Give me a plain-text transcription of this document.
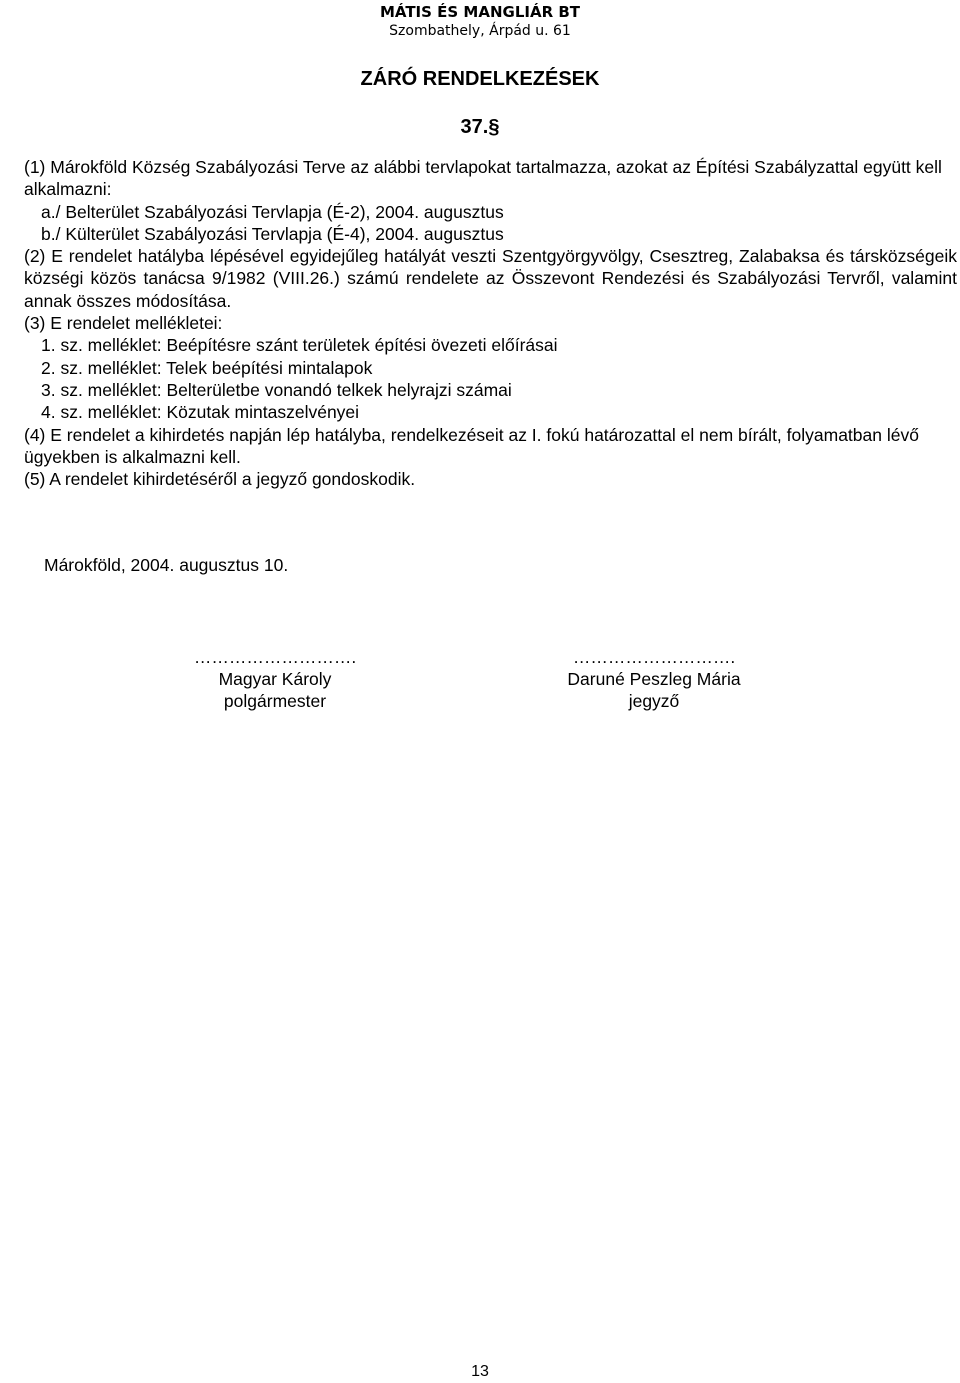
MÁTIS ÉS MANGLIÁR BT
Szombathely, Árpád u. 61
ZÁRÓ RENDELKEZÉSEK
37.§

(1) Márokföld Község Szabályozási Terve az alábbi tervlapokat tartalmazza, azokat az Építési Szabályzattal együtt kell alkalmazni:

a./ Belterület Szabályozási Tervlapja (É-2), 2004. augusztus

b./ Külterület Szabályozási Tervlapja (É-4), 2004. augusztus

(2) E rendelet hatályba lépésével egyidejűleg hatályát veszti Szentgyörgyvölgy, Csesztreg, Zalabaksa és társközségeik községi közös tanácsa 9/1982 (VIII.26.) számú rendelete az Összevont Rendezési és Szabályozási Tervről, valamint annak összes módosítása.

(3) E rendelet mellékletei:

1. sz. melléklet: Beépítésre szánt területek építési övezeti előírásai

2. sz. melléklet: Telek beépítési mintalapok

3. sz. melléklet: Belterületbe vonandó telkek helyrajzi számai

4. sz. melléklet: Közutak mintaszelvényei

(4) E rendelet a kihirdetés napján lép hatályba, rendelkezéseit az I. fokú határozattal el nem bírált, folyamatban lévő ügyekben is alkalmazni kell.

(5) A rendelet kihirdetéséről a jegyző gondoskodik.

Márokföld, 2004. augusztus 10.
……………………….
Magyar Károly
polgármester
……………………….
Daruné Peszleg Mária
jegyző
13
